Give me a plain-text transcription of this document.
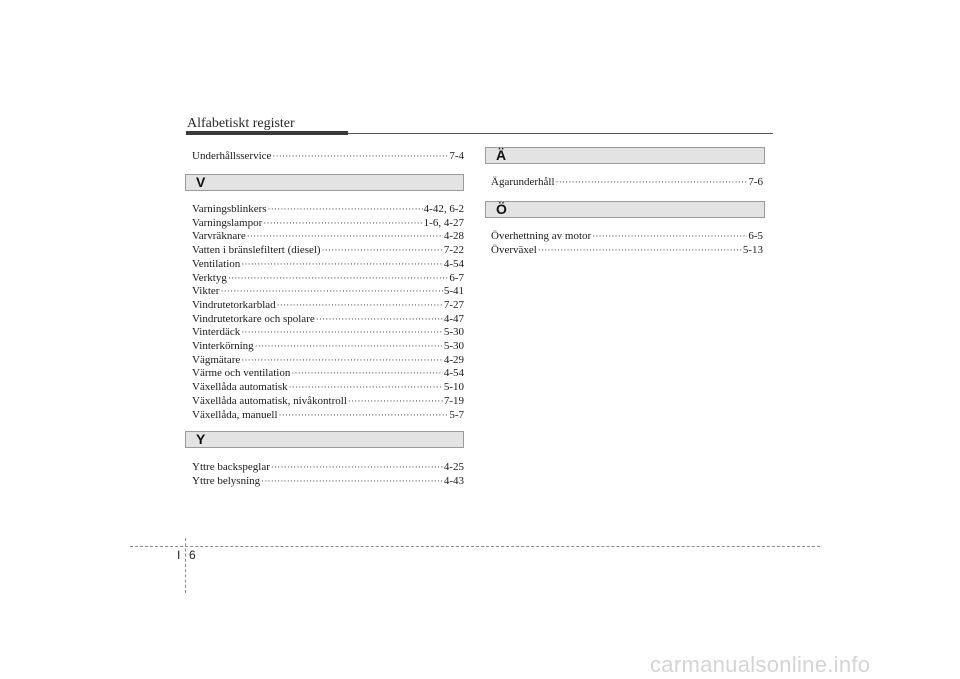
Alfabetiskt register
Underhållsservice ·····	7-4
V
Varningsblinkers ·····	4-42, 6-2
Varningslampor ·····	1-6, 4-27
Varvräknare ·····	4-28
Vatten i bränslefiltert (diesel) ·····	7-22
Ventilation ·····	4-54
Verktyg ·····	6-7
Vikter ·····	5-41
Vindrutetorkarblad ·····	7-27
Vindrutetorkare och spolare ·····	4-47
Vinterdäck ·····	5-30
Vinterkörning ·····	5-30
Vägmätare ·····	4-29
Värme och ventilation ·····	4-54
Växellåda automatisk ·····	5-10
Växellåda automatisk, nivåkontroll ·····	7-19
Växellåda, manuell ·····	5-7
Y
Yttre backspeglar ·····	4-25
Yttre belysning ·····	4-43
Ä
Ägarunderhåll ·····	7-6
Ö
Överhettning av motor ·····	6-5
Överväxel ·····	5-13
I 6
carmanualsonline.info
